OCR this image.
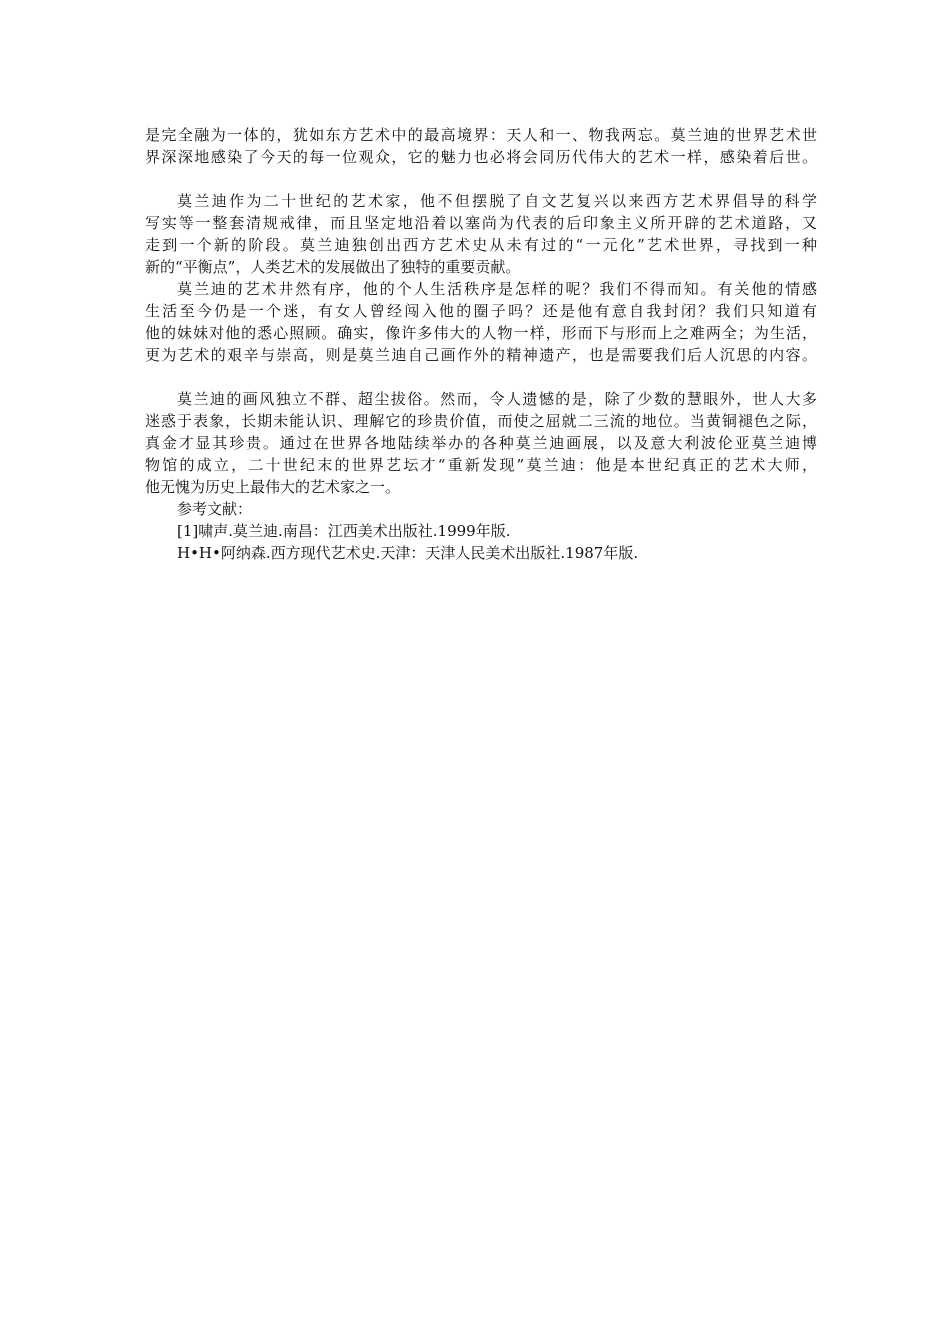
是完全融为一体的，犹如东方艺术中的最高境界：天人和一、物我两忘。莫兰迪的世界艺术世
界深深地感染了今天的每一位观众，它的魅力也必将会同历代伟大的艺术一样，感染着后世。
莫兰迪作为二十世纪的艺术家，他不但摆脱了自文艺复兴以来西方艺术界倡导的科学
写实等一整套清规戒律，而且坚定地沿着以塞尚为代表的后印象主义所开辟的艺术道路，又
走到一个新的阶段。莫兰迪独创出西方艺术史从未有过的“一元化”艺术世界，寻找到一种
新的“平衡点”，人类艺术的发展做出了独特的重要贡献。
莫兰迪的艺术井然有序，他的个人生活秩序是怎样的呢？我们不得而知。有关他的情感
生活至今仍是一个迷，有女人曾经闯入他的圈子吗？还是他有意自我封闭？我们只知道有
他的妹妹对他的悉心照顾。确实，像许多伟大的人物一样，形而下与形而上之难两全；为生活，
更为艺术的艰辛与崇高，则是莫兰迪自己画作外的精神遗产，也是需要我们后人沉思的内容。
莫兰迪的画风独立不群、超尘拔俗。然而，令人遗憾的是，除了少数的慧眼外，世人大多
迷惑于表象，长期未能认识、理解它的珍贵价值，而使之屈就二三流的地位。当黄铜褪色之际，
真金才显其珍贵。通过在世界各地陆续举办的各种莫兰迪画展，以及意大利波伦亚莫兰迪博
物馆的成立，二十世纪末的世界艺坛才“重新发现”莫兰迪：他是本世纪真正的艺术大师，
他无愧为历史上最伟大的艺术家之一。
参考文献：
[1]啸声.莫兰迪.南昌：江西美术出版社.1999年版.
H•H•阿纳森.西方现代艺术史.天津：天津人民美术出版社.1987年版.
